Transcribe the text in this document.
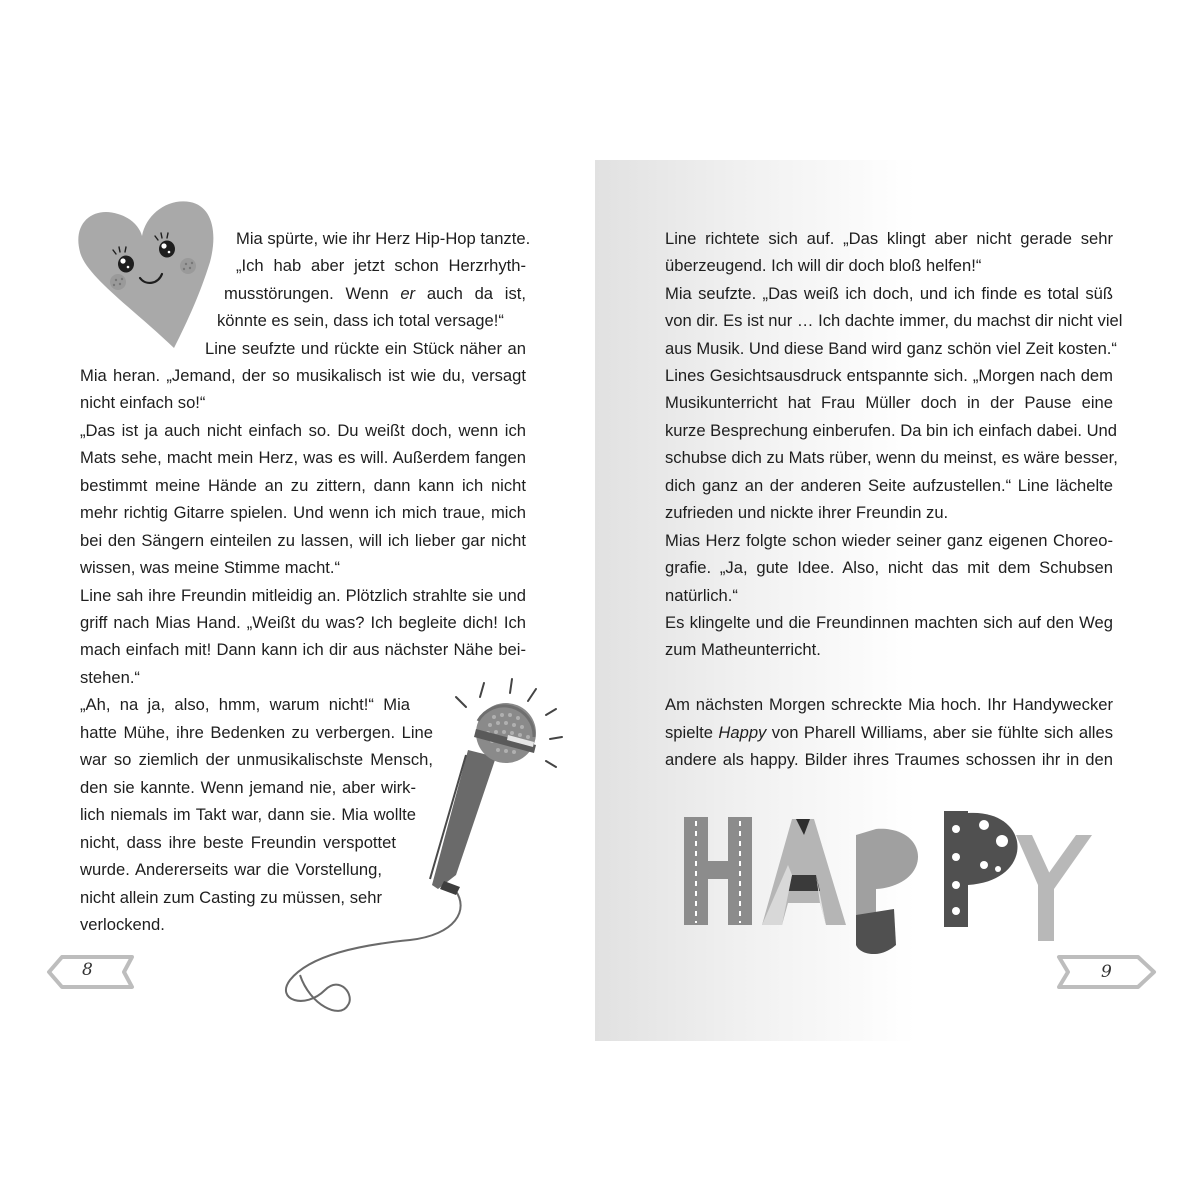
Mia spürte, wie ihr Herz Hip-Hop tanzte.
„Ich hab aber jetzt schon Herzrhyth-
musstörungen. Wenn er auch da ist,
könnte es sein, dass ich total versage!“
Line seufzte und rückte ein Stück näher an
Mia heran. „Jemand, der so musikalisch ist wie du, versagt
nicht einfach so!“
„Das ist ja auch nicht einfach so. Du weißt doch, wenn ich
Mats sehe, macht mein Herz, was es will. Außerdem fangen
bestimmt meine Hände an zu zittern, dann kann ich nicht
mehr richtig Gitarre spielen. Und wenn ich mich traue, mich
bei den Sängern einteilen zu lassen, will ich lieber gar nicht
wissen, was meine Stimme macht.“
Line sah ihre Freundin mitleidig an. Plötzlich strahlte sie und
griff nach Mias Hand. „Weißt du was? Ich begleite dich! Ich
mach einfach mit! Dann kann ich dir aus nächster Nähe bei-
stehen.“
„Ah, na ja, also, hmm, warum nicht!“ Mia
hatte Mühe, ihre Bedenken zu verbergen. Line
war so ziemlich der unmusikalischste Mensch,
den sie kannte. Wenn jemand nie, aber wirk-
lich niemals im Takt war, dann sie. Mia wollte
nicht, dass ihre beste Freundin verspottet
wurde. Andererseits war die Vorstellung,
nicht allein zum Casting zu müssen, sehr
verlockend.
8
Line richtete sich auf. „Das klingt aber nicht gerade sehr
überzeugend. Ich will dir doch bloß helfen!“
Mia seufzte. „Das weiß ich doch, und ich finde es total süß
von dir. Es ist nur … Ich dachte immer, du machst dir nicht viel
aus Musik. Und diese Band wird ganz schön viel Zeit kosten.“
Lines Gesichtsausdruck entspannte sich. „Morgen nach dem
Musikunterricht hat Frau Müller doch in der Pause eine
kurze Besprechung einberufen. Da bin ich einfach dabei. Und
schubse dich zu Mats rüber, wenn du meinst, es wäre besser,
dich ganz an der anderen Seite aufzustellen.“ Line lächelte
zufrieden und nickte ihrer Freundin zu.
Mias Herz folgte schon wieder seiner ganz eigenen Choreo-
grafie. „Ja, gute Idee. Also, nicht das mit dem Schubsen
natürlich.“
Es klingelte und die Freundinnen machten sich auf den Weg
zum Matheunterricht.
Am nächsten Morgen schreckte Mia hoch. Ihr Handywecker
spielte Happy von Pharell Williams, aber sie fühlte sich alles
andere als happy. Bilder ihres Traumes schossen ihr in den
9
